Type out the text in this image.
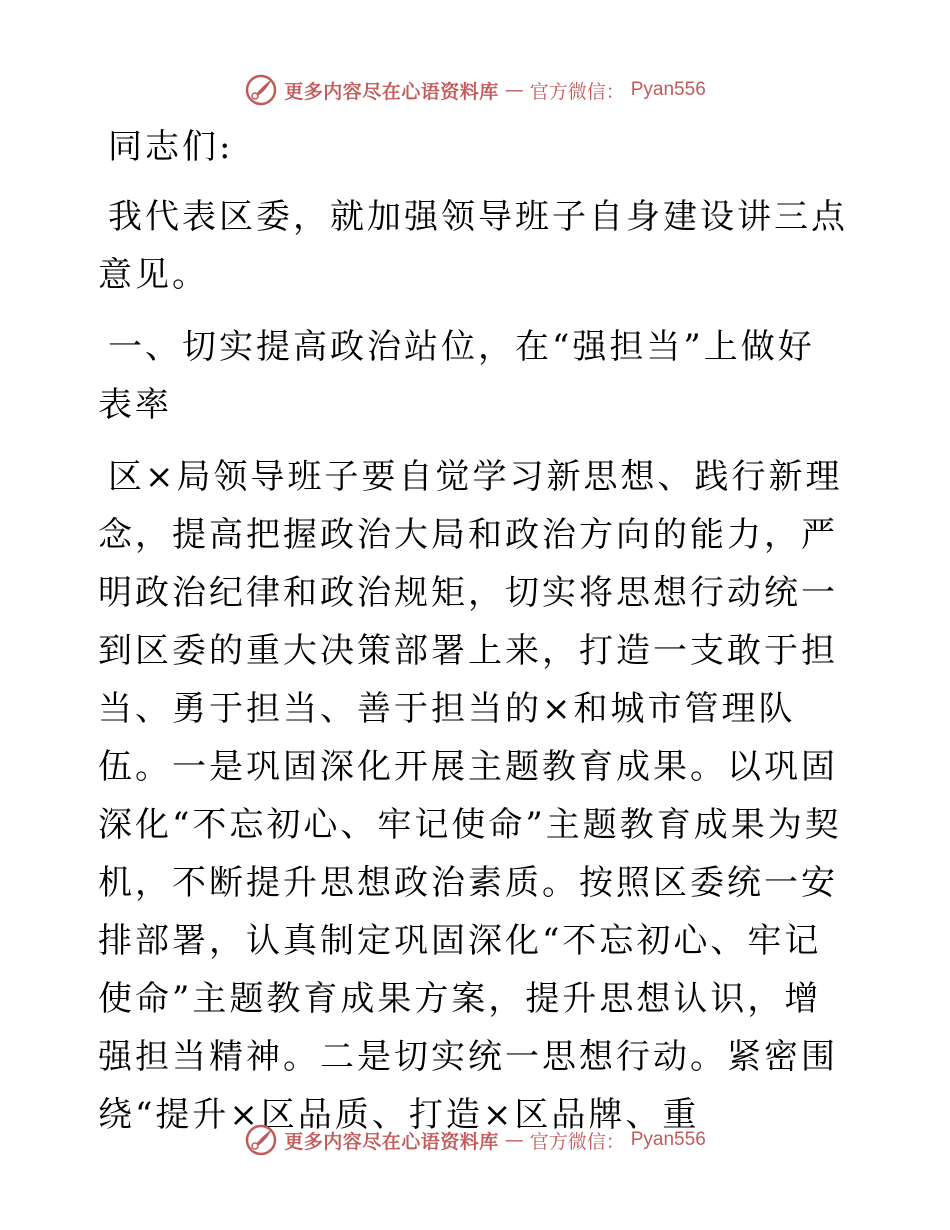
更多内容尽在心语资料库 — 官方微信： Pyan556

同志们:

我代表区委，就加强领导班子自身建设讲三点意见。

一、切实提高政治站位，在“强担当”上做好表率

区×局领导班子要自觉学习新思想、践行新理念，提高把握政治大局和政治方向的能力，严明政治纪律和政治规矩，切实将思想行动统一到区委的重大决策部署上来，打造一支敢于担当、勇于担当、善于担当的×和城市管理队伍。一是巩固深化开展主题教育成果。以巩固深化“不忘初心、牢记使命”主题教育成果为契机，不断提升思想政治素质。按照区委统一安排部署，认真制定巩固深化“不忘初心、牢记使命”主题教育成果方案，提升思想认识，增强担当精神。二是切实统一思想行动。紧密围绕“提升×区品质、打造×区品牌、重

更多内容尽在心语资料库 — 官方微信： Pyan556
